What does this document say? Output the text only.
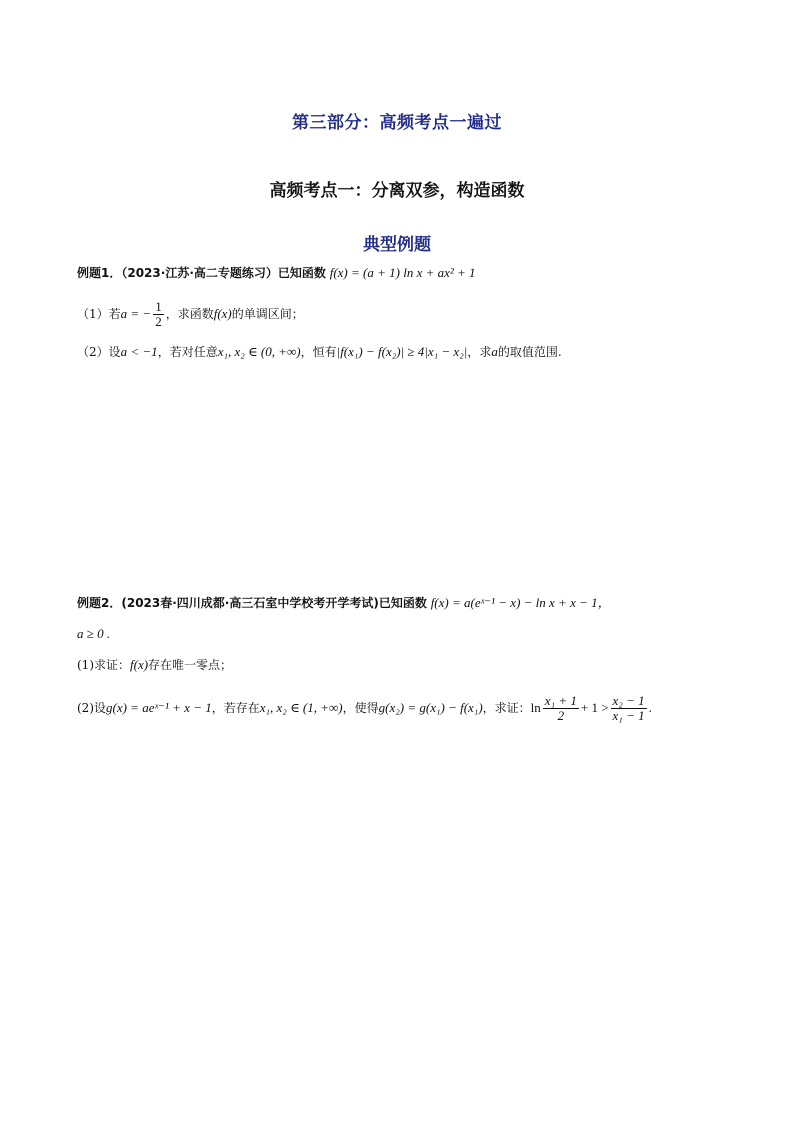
第三部分：高频考点一遍过
高频考点一：分离双参，构造函数
典型例题
例题1．（2023·江苏·高二专题练习）已知函数 f(x) = (a + 1) ln x + ax² + 1
（1）若a = − $\frac{1}{2}$ ，求函数f(x)的单调区间；
（2）设a < −1，若对任意x₁, x₂ ∈ (0, +∞)，恒有|f(x₁) − f(x₂)| ≥ 4|x₁ − x₂|，求a的取值范围.
例题2．(2023春·四川成都·高三石室中学校考开学考试)已知函数 f(x) = a(eˣ⁻¹ − x) − ln x + x − 1，
a ≥ 0 .
(1)求证：f(x)存在唯一零点；
(2)设g(x) = aeˣ⁻¹ + x − 1，若存在x₁, x₂ ∈ (1, +∞)，使得g(x₂) = g(x₁) − f(x₁)，求证：$\ln \frac{\text{x₁ + 1}}{2} + 1 > \frac{\text{x₂ − 1}}{\text{x₁ − 1}}$ .
